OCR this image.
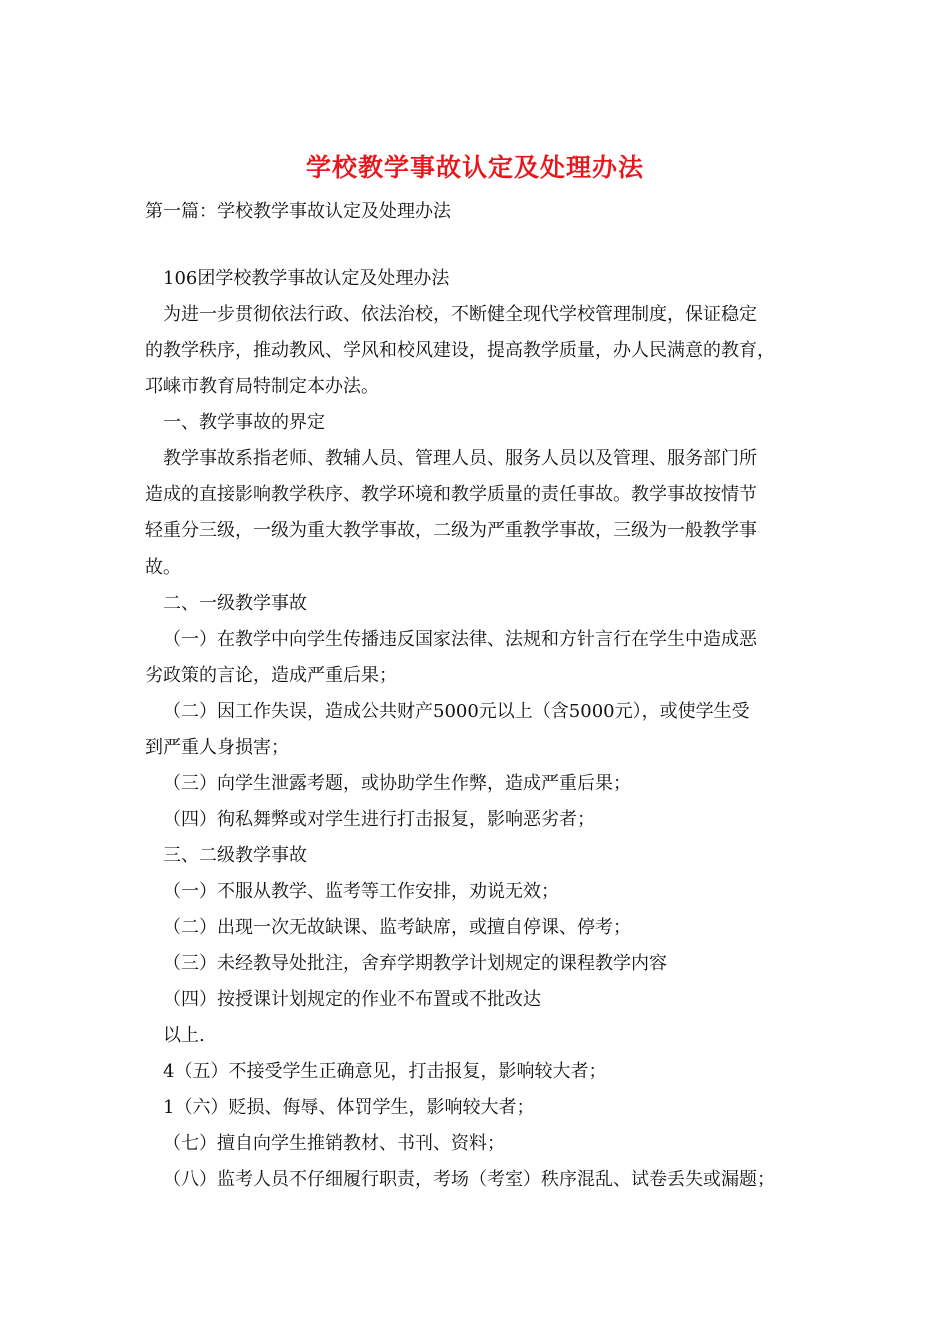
学校教学事故认定及处理办法
第一篇：学校教学事故认定及处理办法
106团学校教学事故认定及处理办法
为进一步贯彻依法行政、依法治校，不断健全现代学校管理制度，保证稳定
的教学秩序，推动教风、学风和校风建设，提高教学质量，办人民满意的教育，
邛崃市教育局特制定本办法。
一、教学事故的界定
教学事故系指老师、教辅人员、管理人员、服务人员以及管理、服务部门所
造成的直接影响教学秩序、教学环境和教学质量的责任事故。教学事故按情节
轻重分三级，一级为重大教学事故，二级为严重教学事故，三级为一般教学事
故。
二、一级教学事故
（一）在教学中向学生传播违反国家法律、法规和方针言行在学生中造成恶
劣政策的言论，造成严重后果；
（二）因工作失误，造成公共财产5000元以上（含5000元），或使学生受
到严重人身损害；
（三）向学生泄露考题，或协助学生作弊，造成严重后果；
（四）徇私舞弊或对学生进行打击报复，影响恶劣者；
三、二级教学事故
（一）不服从教学、监考等工作安排，劝说无效；
（二）出现一次无故缺课、监考缺席，或擅自停课、停考；
（三）未经教导处批注，舍弃学期教学计划规定的课程教学内容
（四）按授课计划规定的作业不布置或不批改达
以上.
4（五）不接受学生正确意见，打击报复，影响较大者；
1（六）贬损、侮辱、体罚学生，影响较大者；
（七）擅自向学生推销教材、书刊、资料；
（八）监考人员不仔细履行职责，考场（考室）秩序混乱、试卷丢失或漏题；
